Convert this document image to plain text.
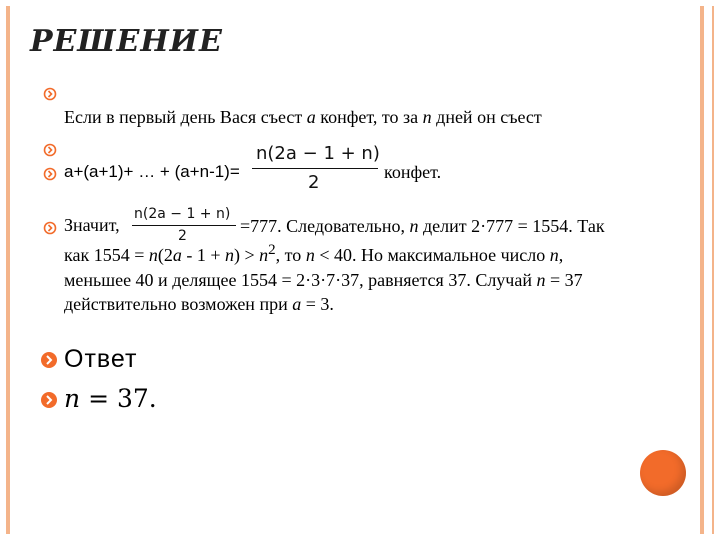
РЕШЕНИЕ
Если в первый день Вася съест a конфет, то за n дней он съест
a+(a+1)+ … + (a+n-1)=
n(2a − 1 + n)
2	конфет.
Значит,
n(2a − 1 + n)
2	=777. Следовательно, n делит 2·777 = 1554. Так как $1554 = n(2a - 1 + n) > n^2$, то n < 40. Но максимальное число n, меньшее 40 и делящее 1554 = 2·3·7·37, равняется 37. Случай n = 37 действительно возможен при a = 3.
Ответ
n = 37.
